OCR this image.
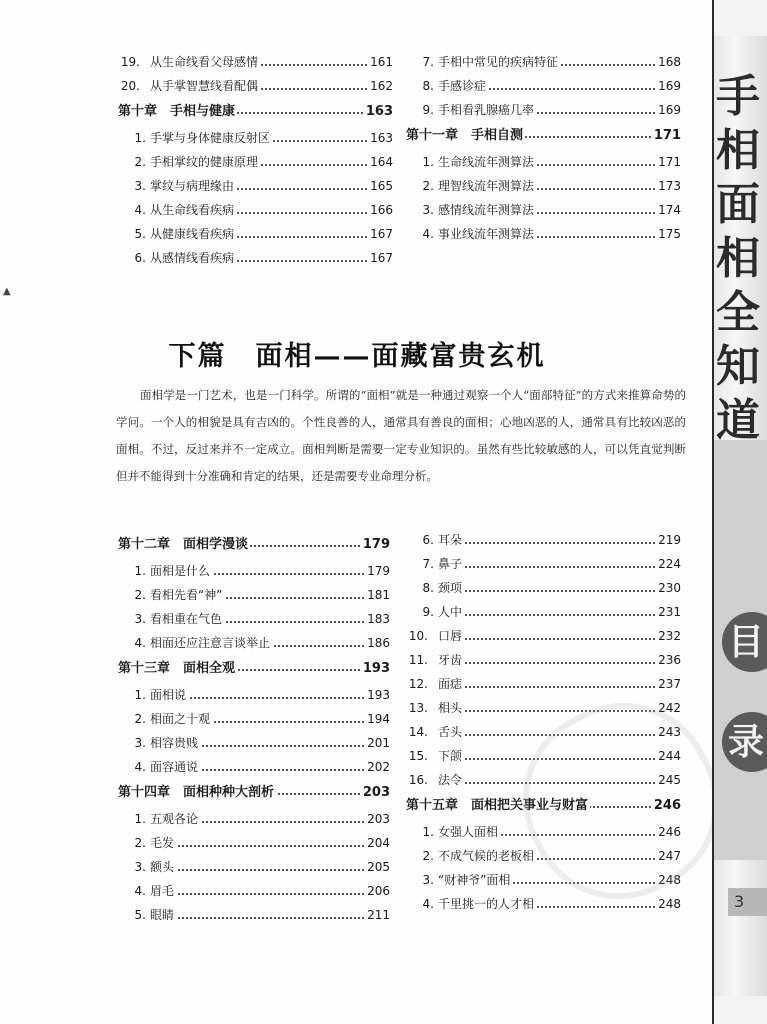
▲
19. 从生命线看父母感情	161
20. 从手掌智慧线看配偶	162
第十章　手相与健康	163
1. 手掌与身体健康反射区	163
2. 手相掌纹的健康原理	164
3. 掌纹与病理缘由	165
4. 从生命线看疾病	166
5. 从健康线看疾病	167
6. 从感情线看疾病	167
7. 手相中常见的疾病特征	168
8. 手感诊症	169
9. 手相看乳腺癌几率	169
第十一章　手相自测	171
1. 生命线流年测算法	171
2. 理智线流年测算法	173
3. 感情线流年测算法	174
4. 事业线流年测算法	175
下篇　面相——面藏富贵玄机
面相学是一门艺术，也是一门科学。所谓的“面相”就是一种通过观察一个人“面部特征”的方式来推算命势的学问。一个人的相貌是具有吉凶的。个性良善的人，通常具有善良的面相；心地凶恶的人，通常具有比较凶恶的面相。不过，反过来并不一定成立。面相判断是需要一定专业知识的。虽然有些比较敏感的人，可以凭直觉判断但并不能得到十分准确和肯定的结果，还是需要专业命理分析。
第十二章　面相学漫谈	179
1. 面相是什么	179
2. 看相先看“神”	181
3. 看相重在气色	183
4. 相面还应注意言谈举止	186
第十三章　面相全观	193
1. 面相说	193
2. 相面之十观	194
3. 相容贵贱	201
4. 面容通说	202
第十四章　面相种种大剖析	203
1. 五观各论	203
2. 毛发	204
3. 额头	205
4. 眉毛	206
5. 眼睛	211
6. 耳朵	219
7. 鼻子	224
8. 颈项	230
9. 人中	231
10. 口唇	232
11. 牙齿	236
12. 面痣	237
13. 相头	242
14. 舌头	243
15. 下颌	244
16. 法令	245
第十五章　面相把关事业与财富	246
1. 女强人面相	246
2. 不成气候的老板相	247
3. “财神爷”面相	248
4. 千里挑一的人才相	248
手
相
面
相
全
知
道
目
录
3
